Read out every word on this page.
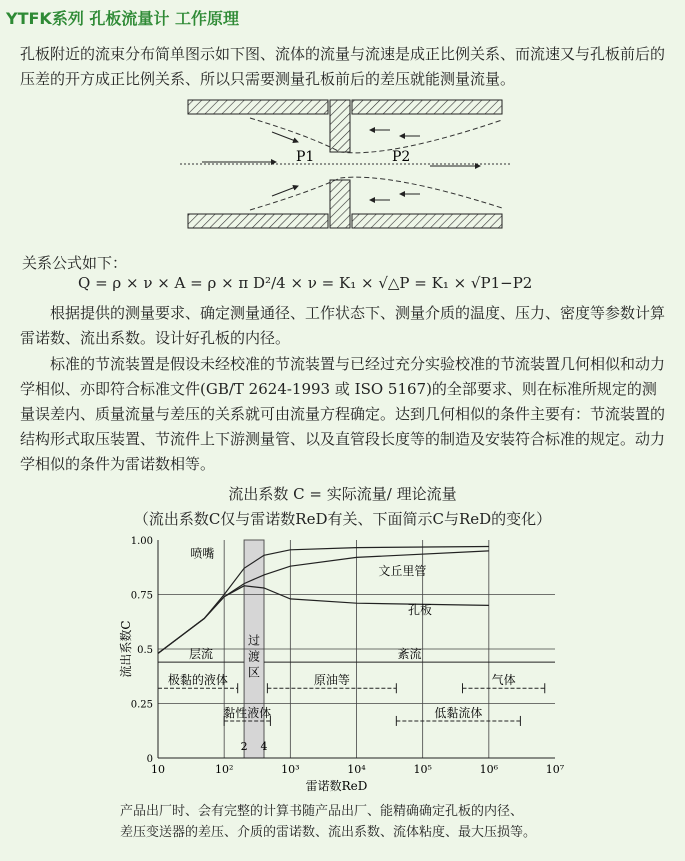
YTFK系列 孔板流量计 工作原理

孔板附近的流束分布简单图示如下图、流体的流量与流速是成正比例关系、而流速又与孔板前后的压差的开方成正比例关系、所以只需要测量孔板前后的差压就能测量流量。

P1	P2
关系公式如下：
Q = ρ × ν × A = ρ × π D²/4 × ν = K₁ × √△P = K₁ × √P1−P2

根据提供的测量要求、确定测量通径、工作状态下、测量介质的温度、压力、密度等参数计算雷诺数、流出系数。设计好孔板的内径。

标准的节流装置是假设未经校准的节流装置与已经过充分实验校准的节流装置几何相似和动力学相似、亦即符合标准文件(GB/T 2624-1993 或 ISO 5167)的全部要求、则在标准所规定的测量误差内、质量流量与差压的关系就可由流量方程确定。达到几何相似的条件主要有：节流装置的结构形式取压装置、节流件上下游测量管、以及直管段长度等的制造及安装符合标准的规定。动力学相似的条件为雷诺数相等。

流出系数 C = 实际流量/ 理论流量
（流出系数C仅与雷诺数ReD有关、下面简示C与ReD的变化）
0
0.25
0.5
0.75
1.00
10	10²	10³	10⁴	10⁵	10⁶	10⁷
2 4
雷诺数ReD
流出系数C
喷嘴
文丘里管
孔板
过
渡
区
层流	紊流
极黏的液体	原油等	气体
黏性液体	低黏流体
产品出厂时、会有完整的计算书随产品出厂、能精确确定孔板的内径、
差压变送器的差压、介质的雷诺数、流出系数、流体粘度、最大压损等。
